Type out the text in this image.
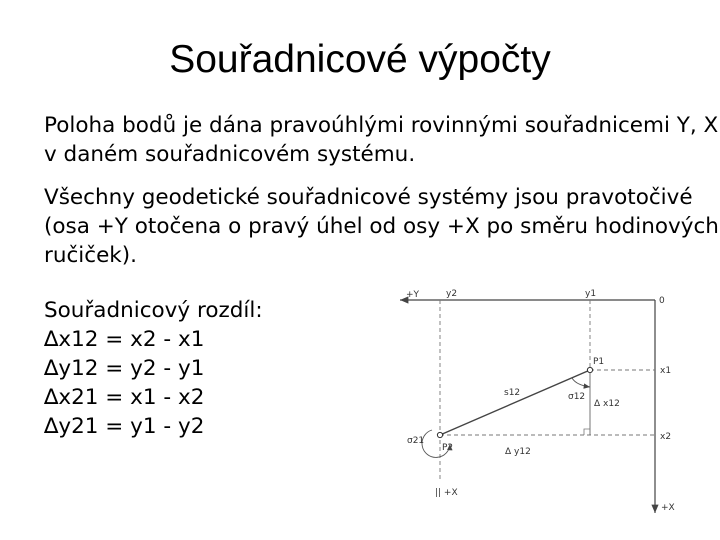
Souřadnicové výpočty

Poloha bodů je dána pravoúhlými rovinnými souřadnicemi Y, X v daném souřadnicovém systému.

Všechny geodetické souřadnicové systémy jsou pravotočivé (osa +Y otočena o pravý úhel od osy +X po směru hodinových ručiček).

Souřadnicový rozdíl:
∆x12 = x2 - x1
∆y12 = y2 - y1
∆x21 = x1 - x2
∆y21 = y1 - y2
+Y
0
+X
y2	y1
x1
x2
s12
P1
P2
σ12
Δ x12
σ21
Δ y12
|| +X
